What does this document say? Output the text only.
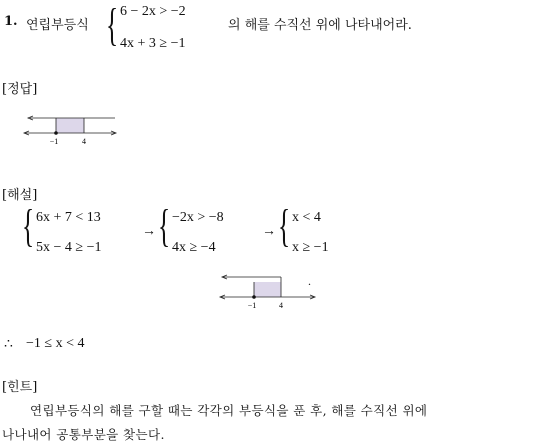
1. 연립부등식 { 6 − 2x > −2
4x + 3 ≥ −1
의 해를 수직선 위에 나타내어라.
[정답]
−1	4
[해설]
{ 6x + 7 < 13
5x − 4 ≥ −1
→ { −2x > −8
4x ≥ −4
→ { x < 4
x ≥ −1
−1	4
.
∴ −1 ≤ x < 4
[힌트]
연립부등식의 해를 구할 때는 각각의 부등식을 푼 후, 해를 수직선 위에
나나내어 공통부분을 찾는다.
